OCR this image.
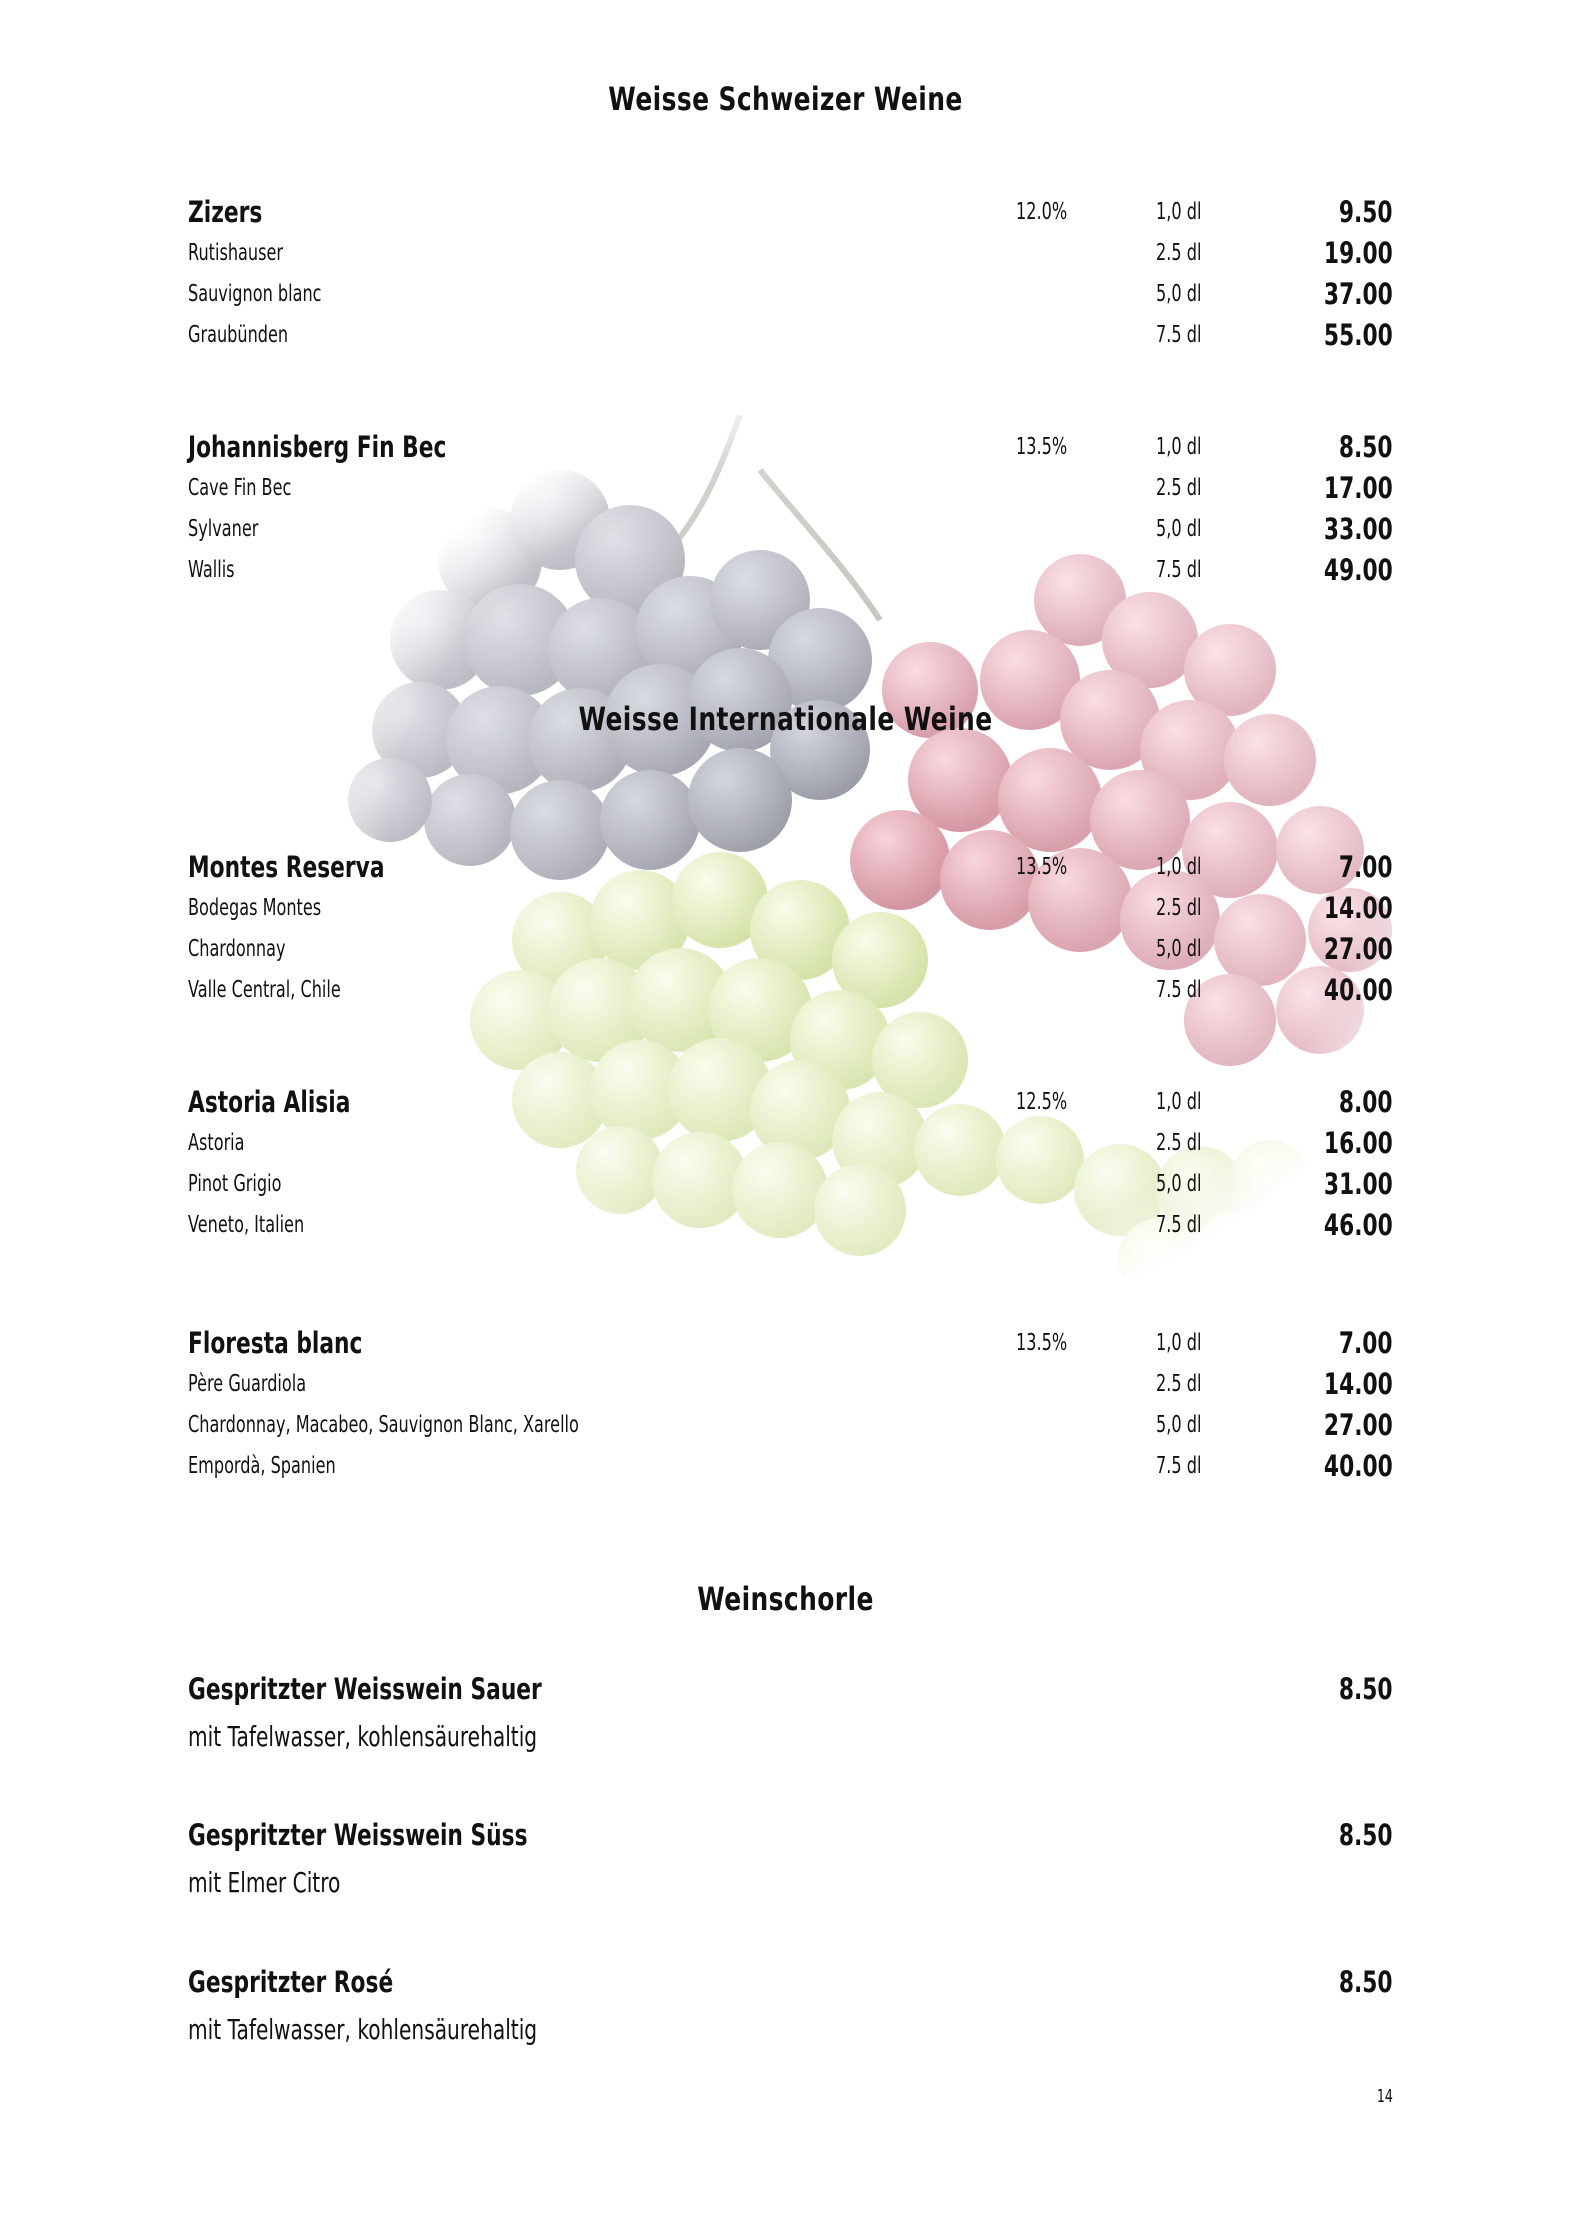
Weisse Schweizer Weine
Zizers	12.0%	1,0 dl	9.50
Rutishauser	2.5 dl	19.00
Sauvignon blanc	5,0 dl	37.00
Graubünden	7.5 dl	55.00
Johannisberg Fin Bec	13.5%	1,0 dl	8.50
Cave Fin Bec	2.5 dl	17.00
Sylvaner	5,0 dl	33.00
Wallis	7.5 dl	49.00
Weisse Internationale Weine
Montes Reserva	13.5%	1,0 dl	7.00
Bodegas Montes	2.5 dl	14.00
Chardonnay	5,0 dl	27.00
Valle Central, Chile	7.5 dl	40.00
Astoria Alisia	12.5%	1,0 dl	8.00
Astoria	2.5 dl	16.00
Pinot Grigio	5,0 dl	31.00
Veneto, Italien	7.5 dl	46.00
Floresta blanc	13.5%	1,0 dl	7.00
Père Guardiola	2.5 dl	14.00
Chardonnay, Macabeo, Sauvignon Blanc, Xarello	5,0 dl	27.00
Empordà, Spanien	7.5 dl	40.00
Weinschorle
Gespritzter Weisswein Sauer	8.50
mit Tafelwasser, kohlensäurehaltig
Gespritzter Weisswein Süss	8.50
mit Elmer Citro
Gespritzter Rosé	8.50
mit Tafelwasser, kohlensäurehaltig
14
